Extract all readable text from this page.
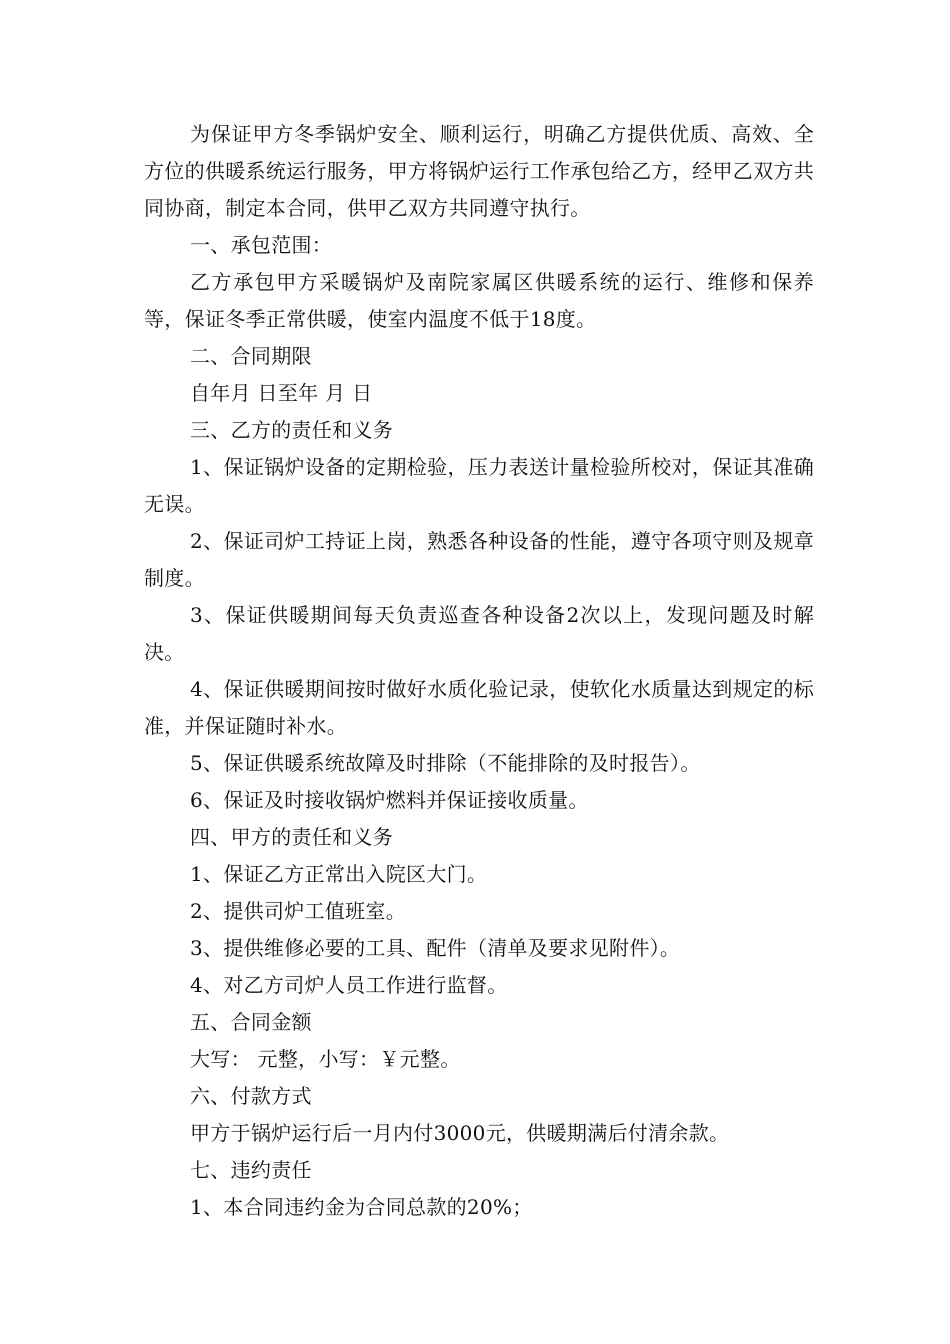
为保证甲方冬季锅炉安全、顺利运行，明确乙方提供优质、高效、全方位的供暖系统运行服务，甲方将锅炉运行工作承包给乙方，经甲乙双方共同协商，制定本合同，供甲乙双方共同遵守执行。

一、承包范围：

乙方承包甲方采暖锅炉及南院家属区供暖系统的运行、维修和保养等，保证冬季正常供暖，使室内温度不低于18度。

二、合同期限

自年月 日至年 月 日

三、乙方的责任和义务

1、保证锅炉设备的定期检验，压力表送计量检验所校对，保证其准确无误。

2、保证司炉工持证上岗，熟悉各种设备的性能，遵守各项守则及规章制度。

3、保证供暖期间每天负责巡查各种设备2次以上，发现问题及时解决。

4、保证供暖期间按时做好水质化验记录，使软化水质量达到规定的标准，并保证随时补水。

5、保证供暖系统故障及时排除（不能排除的及时报告）。

6、保证及时接收锅炉燃料并保证接收质量。

四、甲方的责任和义务

1、保证乙方正常出入院区大门。

2、提供司炉工值班室。

3、提供维修必要的工具、配件（清单及要求见附件）。

4、对乙方司炉人员工作进行监督。

五、合同金额

大写： 元整，小写：￥元整。

六、付款方式

甲方于锅炉运行后一月内付3000元，供暖期满后付清余款。

七、违约责任

1、本合同违约金为合同总款的20%；
